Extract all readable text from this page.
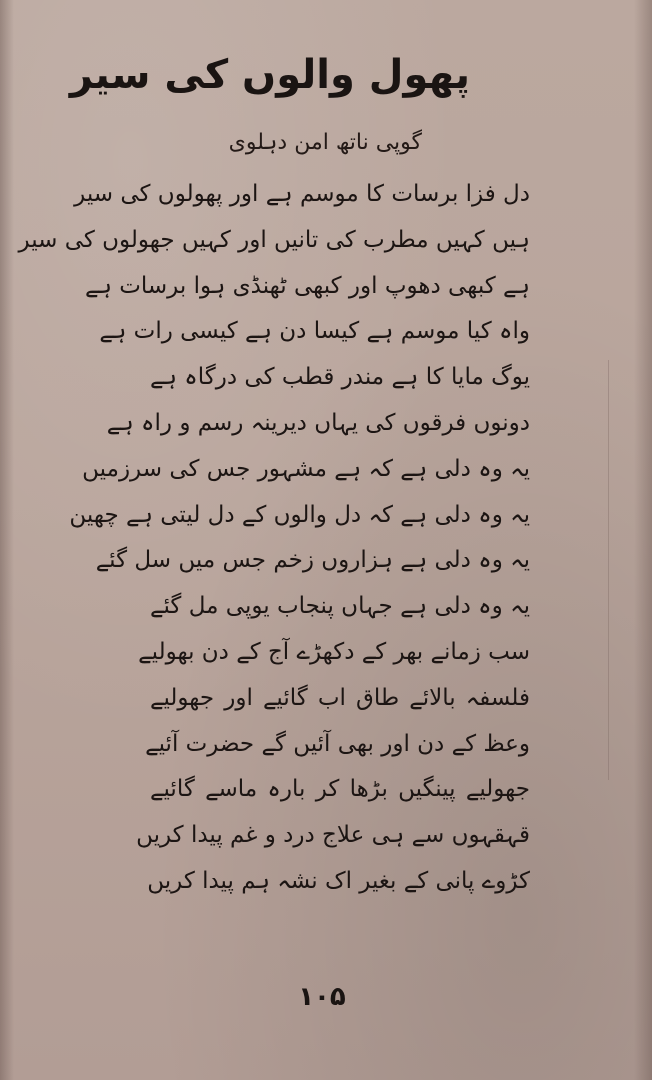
پھول والوں کی سیر
گوپی ناتھ امن دہلوی
دل فزا برسات کا موسم ہے اور پھولوں کی سیر
ہیں کہیں مطرب کی تانیں اور کہیں جھولوں کی سیر
ہے کبھی دھوپ اور کبھی ٹھنڈی ہوا برسات ہے
واہ کیا موسم ہے کیسا دن ہے کیسی رات ہے
یوگ مایا کا ہے مندر قطب کی درگاہ ہے
دونوں فرقوں کی یہاں دیرینہ رسم و راہ ہے
یہ وہ دلی ہے کہ ہے مشہور جس کی سرزمیں
یہ وہ دلی ہے کہ دل والوں کے دل لیتی ہے چھین
یہ وہ دلی ہے ہزاروں زخم جس میں سل گئے
یہ وہ دلی ہے جہاں پنجاب یوپی مل گئے
سب زمانے بھر کے دکھڑے آج کے دن بھولیے
فلسفہ بالائے طاق اب گائیے اور جھولیے
وعظ کے دن اور بھی آئیں گے حضرت آئیے
جھولیے پینگیں بڑھا کر بارہ ماسے گائیے
قہقہوں سے ہی علاج درد و غم پیدا کریں
کڑوے پانی کے بغیر اک نشہ ہم پیدا کریں
۱۰۵
